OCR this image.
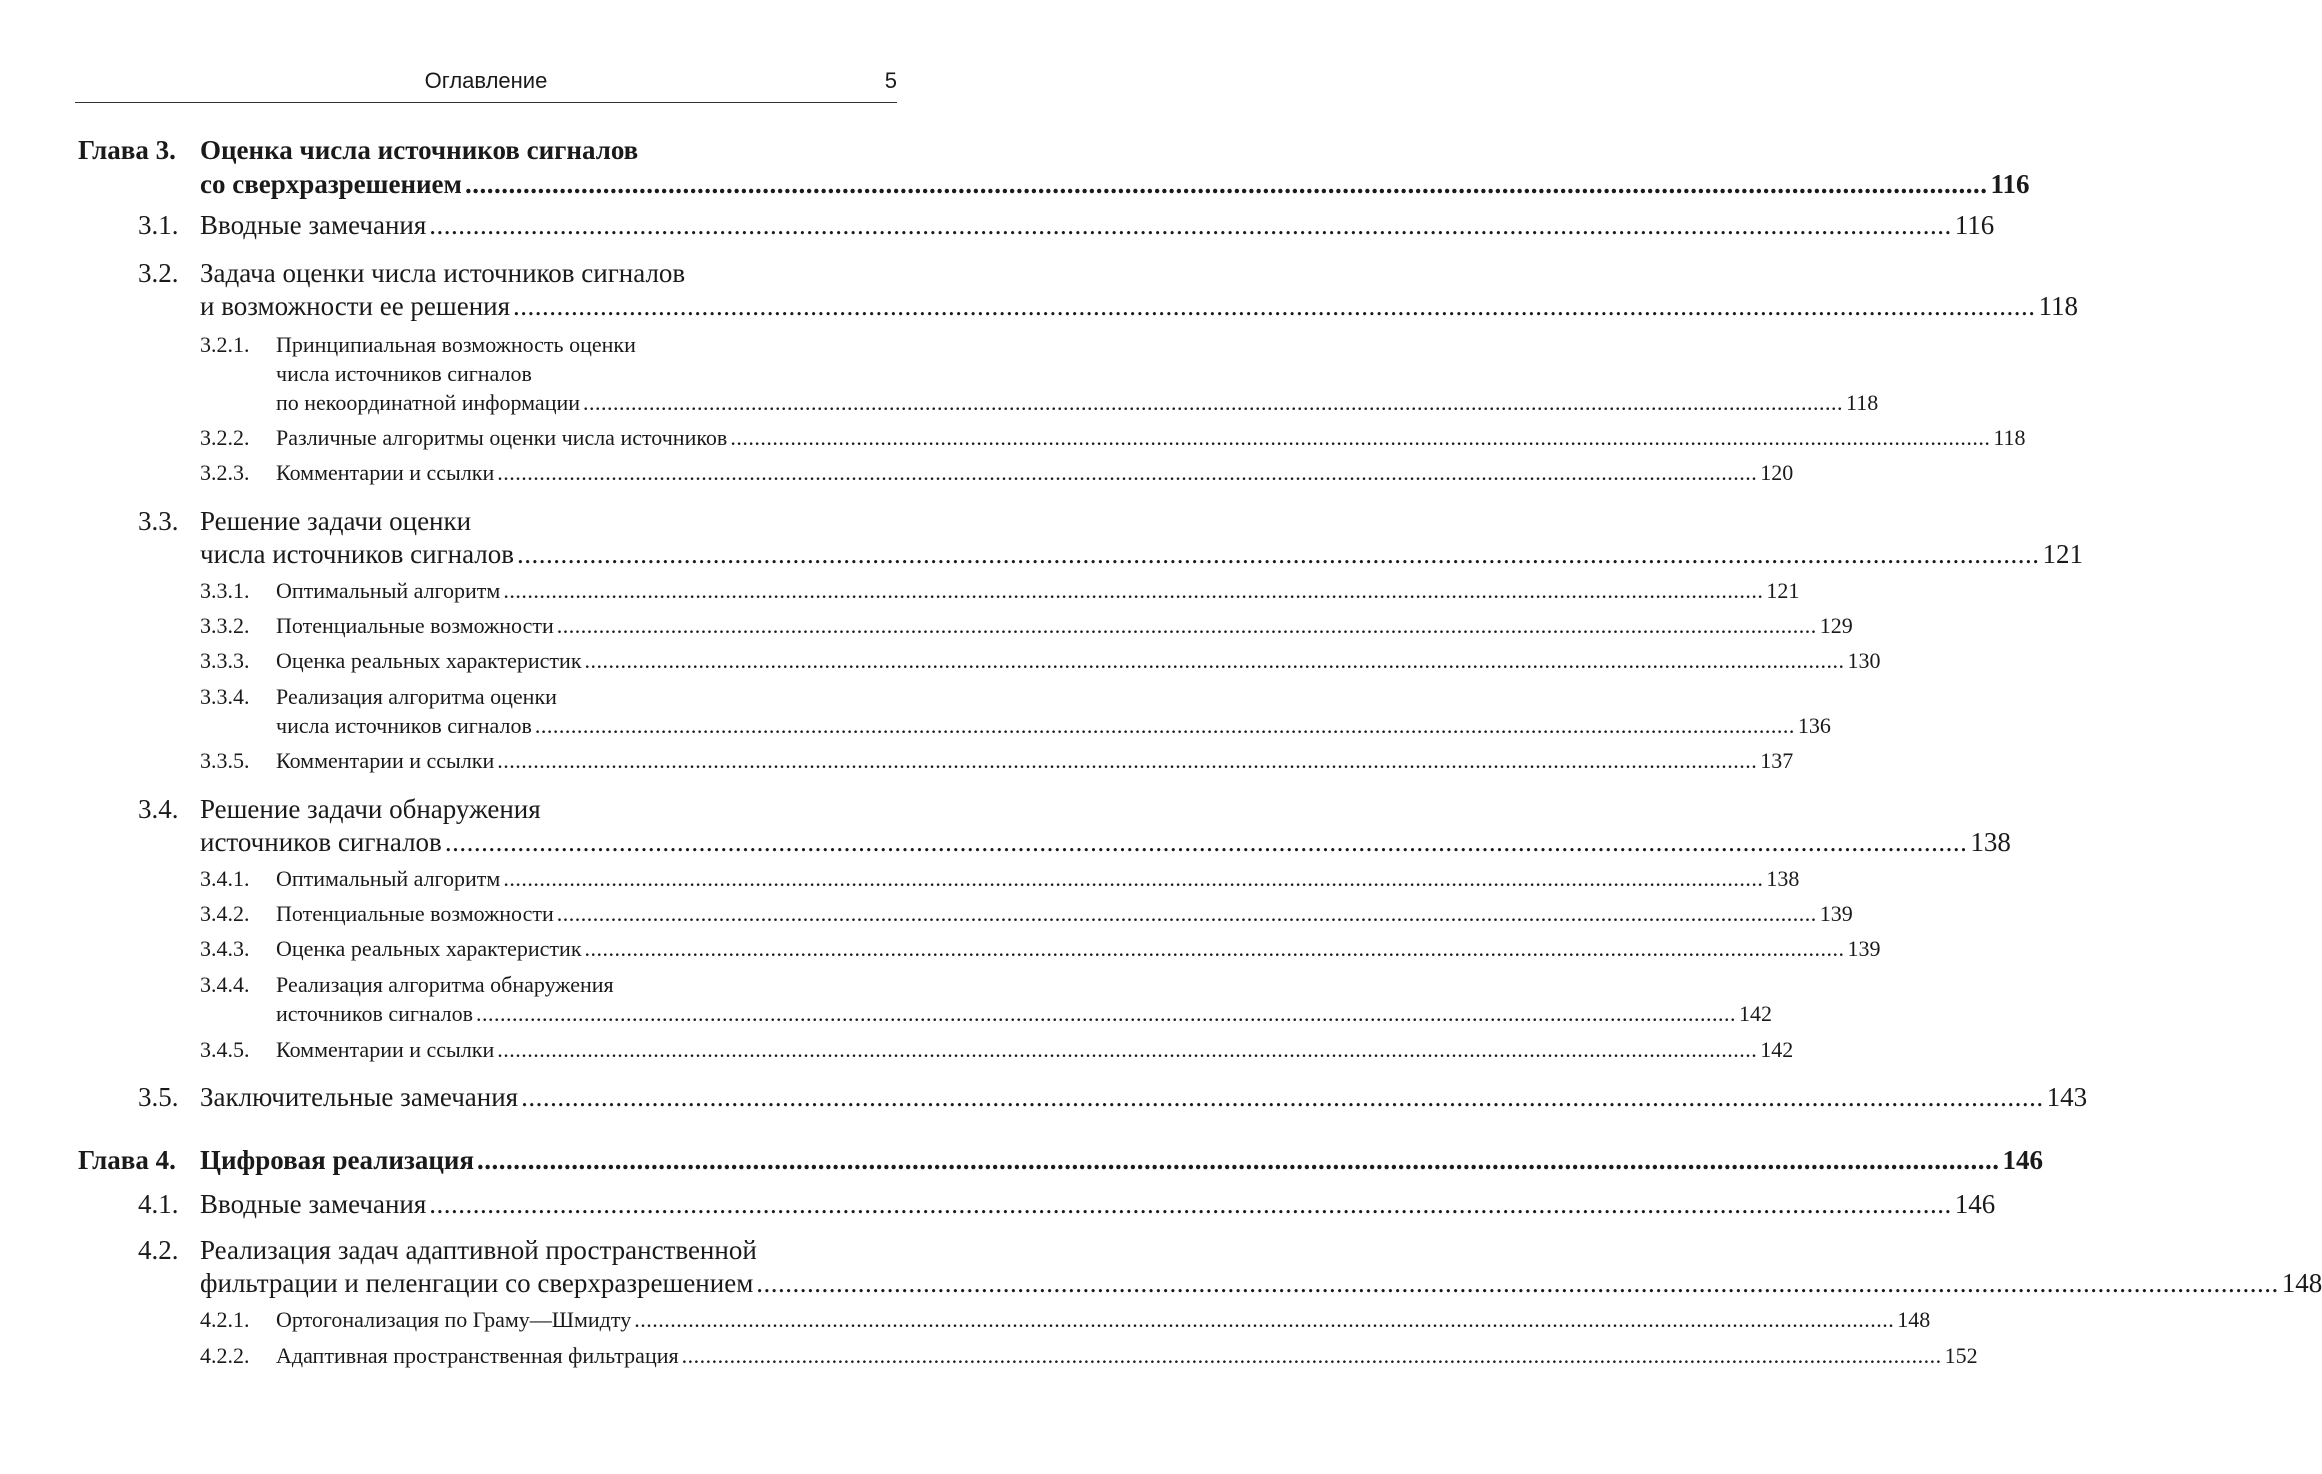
Оглавление	5
Глава 3. Оценка числа источников сигналов
со сверхразрешением .................................................................................................................................................................................................................. 116
3.1. Вводные замечания .................................................................................................................................................................................................................. 116
3.2. Задача оценки числа источников сигналов
и возможности ее решения .................................................................................................................................................................................................................. 118
3.2.1. Принципиальная возможность оценки
числа источников сигналов
по некоординатной информации .................................................................................................................................................................................................................. 118
3.2.2. Различные алгоритмы оценки числа источников .................................................................................................................................................................................................................. 118
3.2.3. Комментарии и ссылки .................................................................................................................................................................................................................. 120
3.3. Решение задачи оценки
числа источников сигналов .................................................................................................................................................................................................................. 121
3.3.1. Оптимальный алгоритм .................................................................................................................................................................................................................. 121
3.3.2. Потенциальные возможности .................................................................................................................................................................................................................. 129
3.3.3. Оценка реальных характеристик .................................................................................................................................................................................................................. 130
3.3.4. Реализация алгоритма оценки
числа источников сигналов .................................................................................................................................................................................................................. 136
3.3.5. Комментарии и ссылки .................................................................................................................................................................................................................. 137
3.4. Решение задачи обнаружения
источников сигналов .................................................................................................................................................................................................................. 138
3.4.1. Оптимальный алгоритм .................................................................................................................................................................................................................. 138
3.4.2. Потенциальные возможности .................................................................................................................................................................................................................. 139
3.4.3. Оценка реальных характеристик .................................................................................................................................................................................................................. 139
3.4.4. Реализация алгоритма обнаружения
источников сигналов .................................................................................................................................................................................................................. 142
3.4.5. Комментарии и ссылки .................................................................................................................................................................................................................. 142
3.5. Заключительные замечания .................................................................................................................................................................................................................. 143
Глава 4. Цифровая реализация .................................................................................................................................................................................................................. 146
4.1. Вводные замечания .................................................................................................................................................................................................................. 146
4.2. Реализация задач адаптивной пространственной
фильтрации и пеленгации со сверхразрешением .................................................................................................................................................................................................................. 148
4.2.1. Ортогонализация по Граму—Шмидту .................................................................................................................................................................................................................. 148
4.2.2. Адаптивная пространственная фильтрация .................................................................................................................................................................................................................. 152
